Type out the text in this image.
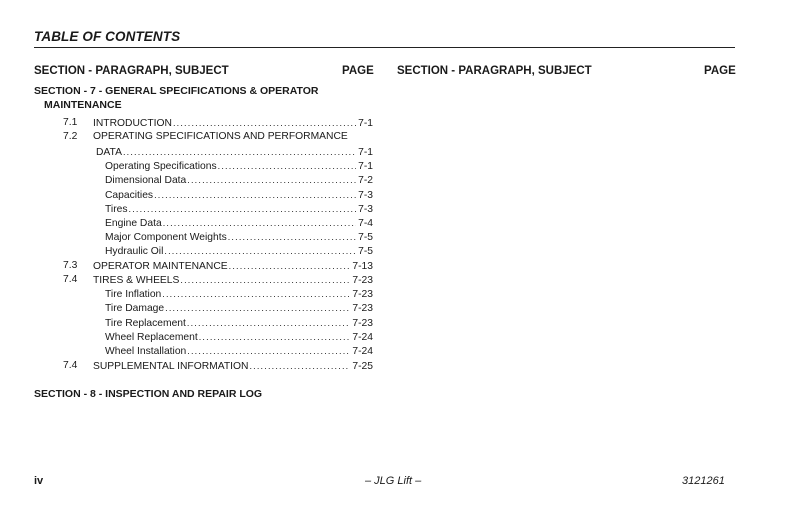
TABLE OF CONTENTS
SECTION - PARAGRAPH, SUBJECT	PAGE SECTION - PARAGRAPH, SUBJECT	PAGE
SECTION - 7 - GENERAL SPECIFICATIONS & OPERATOR
MAINTENANCE
7.1 INTRODUCTION .....	7-1
7.2 OPERATING SPECIFICATIONS AND PERFORMANCE
DATA .....	7-1
Operating Specifications .....	7-1
Dimensional Data .....	7-2
Capacities .....	7-3
Tires .....	7-3
Engine Data .....	7-4
Major Component Weights .....	7-5
Hydraulic Oil .....	7-5
7.3 OPERATOR MAINTENANCE .....	7-13
7.4 TIRES & WHEELS .....	7-23
Tire Inflation .....	7-23
Tire Damage .....	7-23
Tire Replacement .....	7-23
Wheel Replacement .....	7-24
Wheel Installation .....	7-24
7.4 SUPPLEMENTAL INFORMATION .....	7-25
SECTION - 8 - INSPECTION AND REPAIR LOG
iv	– JLG Lift –	3121261
